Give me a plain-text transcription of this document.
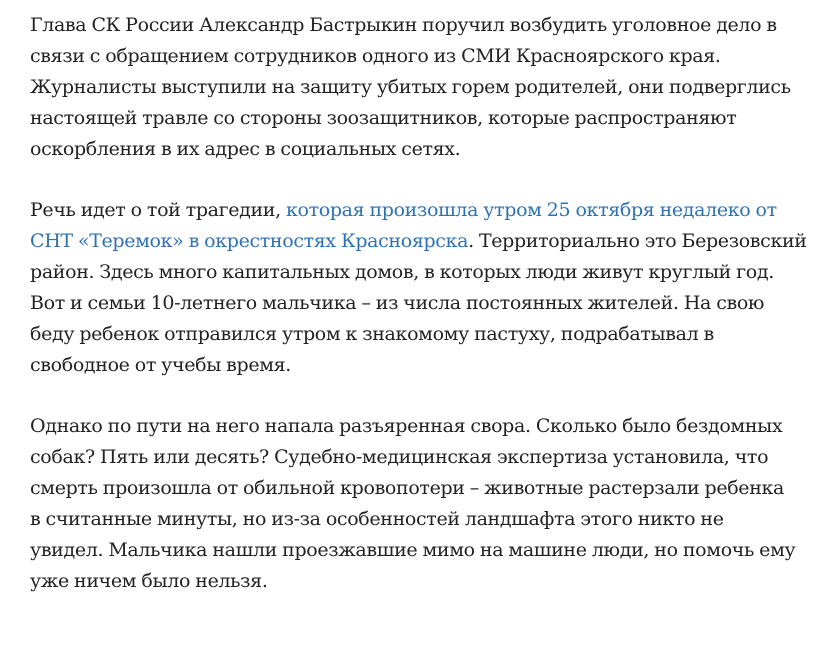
Глава СК России Александр Бастрыкин поручил возбудить уголовное дело в
связи с обращением сотрудников одного из СМИ Красноярского края.
Журналисты выступили на защиту убитых горем родителей, они подверглись
настоящей травле со стороны зоозащитников, которые распространяют
оскорбления в их адрес в социальных сетях.

Речь идет о той трагедии, которая произошла утром 25 октября недалеко от
СНТ «Теремок» в окрестностях Красноярска. Территориально это Березовский
район. Здесь много капитальных домов, в которых люди живут круглый год.
Вот и семьи 10-летнего мальчика – из числа постоянных жителей. На свою
беду ребенок отправился утром к знакомому пастуху, подрабатывал в
свободное от учебы время.

Однако по пути на него напала разъяренная свора. Сколько было бездомных
собак? Пять или десять? Судебно-медицинская экспертиза установила, что
смерть произошла от обильной кровопотери – животные растерзали ребенка
в считанные минуты, но из-за особенностей ландшафта этого никто не
увидел. Мальчика нашли проезжавшие мимо на машине люди, но помочь ему
уже ничем было нельзя.
